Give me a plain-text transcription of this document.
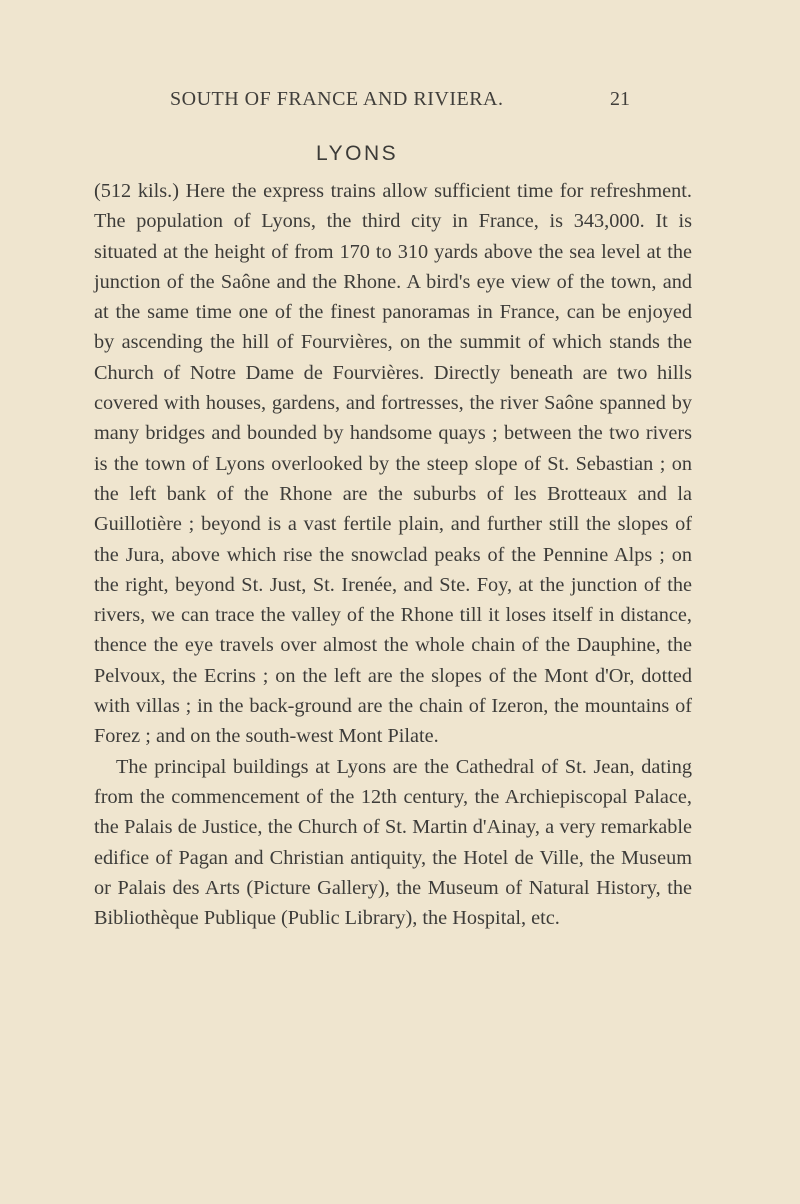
SOUTH OF FRANCE AND RIVIERA.	21
LYONS

(512 kils.) Here the express trains allow sufficient time for refreshment. The population of Lyons, the third city in France, is 343,000. It is situated at the height of from 170 to 310 yards above the sea level at the junction of the Saône and the Rhone. A bird's eye view of the town, and at the same time one of the finest panoramas in France, can be enjoyed by ascending the hill of Fourvières, on the summit of which stands the Church of Notre Dame de Fourvières. Directly beneath are two hills covered with houses, gardens, and fortresses, the river Saône spanned by many bridges and bounded by handsome quays ; between the two rivers is the town of Lyons overlooked by the steep slope of St. Sebastian ; on the left bank of the Rhone are the suburbs of les Brotteaux and la Guillotière ; beyond is a vast fertile plain, and further still the slopes of the Jura, above which rise the snowclad peaks of the Pennine Alps ; on the right, beyond St. Just, St. Irenée, and Ste. Foy, at the junction of the rivers, we can trace the valley of the Rhone till it loses itself in distance, thence the eye travels over almost the whole chain of the Dauphine, the Pelvoux, the Ecrins ; on the left are the slopes of the Mont d'Or, dotted with villas ; in the back-ground are the chain of Izeron, the mountains of Forez ; and on the south-west Mont Pilate.

The principal buildings at Lyons are the Cathedral of St. Jean, dating from the commencement of the 12th century, the Archiepiscopal Palace, the Palais de Justice, the Church of St. Martin d'Ainay, a very remarkable edifice of Pagan and Christian antiquity, the Hotel de Ville, the Museum or Palais des Arts (Picture Gallery), the Museum of Natural History, the Bibliothèque Publique (Public Library), the Hospital, etc.
